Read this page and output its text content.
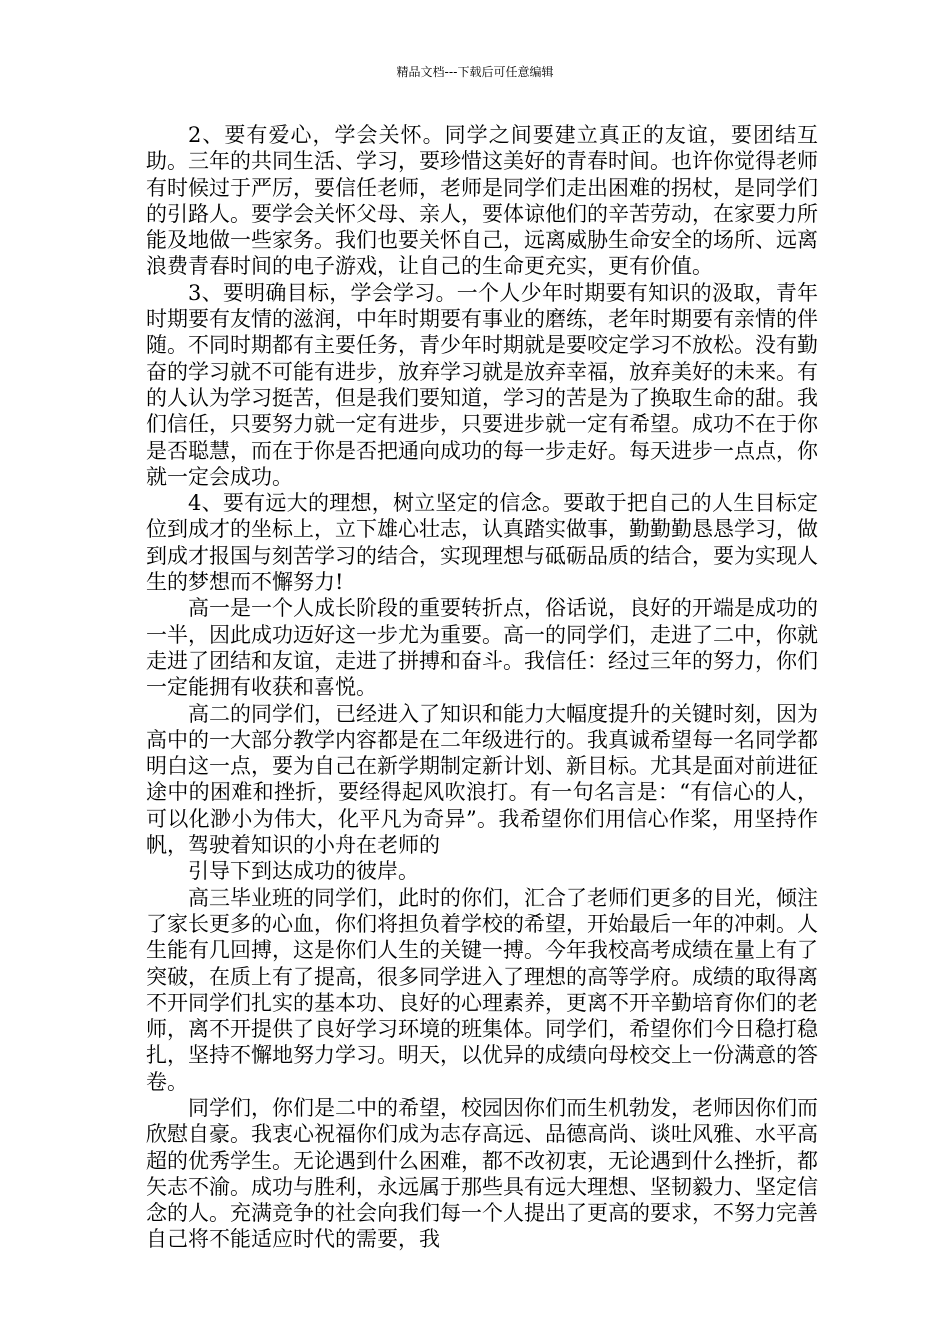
精品文档---下载后可任意编辑

2、要有爱心，学会关怀。同学之间要建立真正的友谊，要团结互助。三年的共同生活、学习，要珍惜这美好的青春时间。也许你觉得老师有时候过于严厉，要信任老师，老师是同学们走出困难的拐杖，是同学们的引路人。要学会关怀父母、亲人，要体谅他们的辛苦劳动，在家要力所能及地做一些家务。我们也要关怀自己，远离威胁生命安全的场所、远离浪费青春时间的电子游戏，让自己的生命更充实，更有价值。

3、要明确目标，学会学习。一个人少年时期要有知识的汲取，青年时期要有友情的滋润，中年时期要有事业的磨练，老年时期要有亲情的伴随。不同时期都有主要任务，青少年时期就是要咬定学习不放松。没有勤奋的学习就不可能有进步，放弃学习就是放弃幸福，放弃美好的未来。有的人认为学习挺苦，但是我们要知道，学习的苦是为了换取生命的甜。我们信任，只要努力就一定有进步，只要进步就一定有希望。成功不在于你是否聪慧，而在于你是否把通向成功的每一步走好。每天进步一点点，你就一定会成功。

4、要有远大的理想，树立坚定的信念。要敢于把自己的人生目标定位到成才的坐标上，立下雄心壮志，认真踏实做事，勤勤勤恳恳学习，做到成才报国与刻苦学习的结合，实现理想与砥砺品质的结合，要为实现人生的梦想而不懈努力!

高一是一个人成长阶段的重要转折点，俗话说，良好的开端是成功的一半，因此成功迈好这一步尤为重要。高一的同学们，走进了二中，你就走进了团结和友谊，走进了拼搏和奋斗。我信任：经过三年的努力，你们一定能拥有收获和喜悦。

高二的同学们，已经进入了知识和能力大幅度提升的关键时刻，因为高中的一大部分教学内容都是在二年级进行的。我真诚希望每一名同学都明白这一点，要为自己在新学期制定新计划、新目标。尤其是面对前进征途中的困难和挫折，要经得起风吹浪打。有一句名言是：“有信心的人，可以化渺小为伟大，化平凡为奇异”。我希望你们用信心作桨，用坚持作帆，驾驶着知识的小舟在老师的

引导下到达成功的彼岸。

高三毕业班的同学们，此时的你们，汇合了老师们更多的目光，倾注了家长更多的心血，你们将担负着学校的希望，开始最后一年的冲刺。人生能有几回搏，这是你们人生的关键一搏。今年我校高考成绩在量上有了突破，在质上有了提高，很多同学进入了理想的高等学府。成绩的取得离不开同学们扎实的基本功、良好的心理素养，更离不开辛勤培育你们的老师，离不开提供了良好学习环境的班集体。同学们，希望你们今日稳打稳扎，坚持不懈地努力学习。明天，以优异的成绩向母校交上一份满意的答卷。

同学们，你们是二中的希望，校园因你们而生机勃发，老师因你们而欣慰自豪。我衷心祝福你们成为志存高远、品德高尚、谈吐风雅、水平高超的优秀学生。无论遇到什么困难，都不改初衷，无论遇到什么挫折，都矢志不渝。成功与胜利，永远属于那些具有远大理想、坚韧毅力、坚定信念的人。充满竞争的社会向我们每一个人提出了更高的要求，不努力完善自己将不能适应时代的需要，我
